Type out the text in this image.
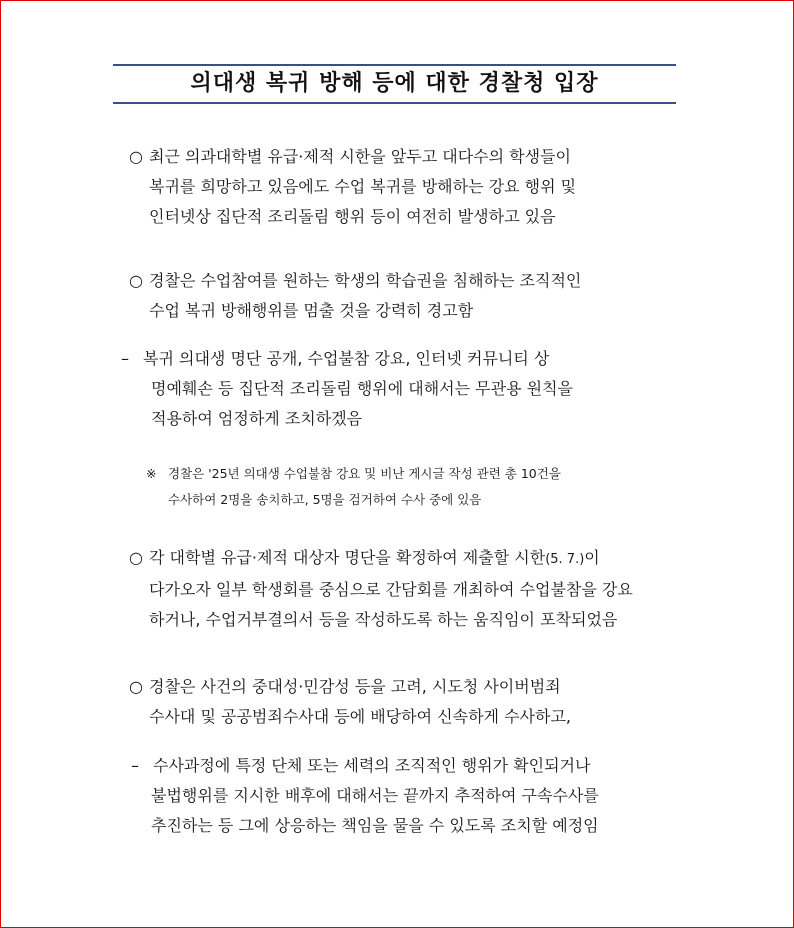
의대생 복귀 방해 등에 대한 경찰청 입장
○ 최근 의과대학별 유급·제적 시한을 앞두고 대다수의 학생들이
복귀를 희망하고 있음에도 수업 복귀를 방해하는 강요 행위 및
인터넷상 집단적 조리돌림 행위 등이 여전히 발생하고 있음
○ 경찰은 수업참여를 원하는 학생의 학습권을 침해하는 조직적인
수업 복귀 방해행위를 멈출 것을 강력히 경고함
– 복귀 의대생 명단 공개, 수업불참 강요, 인터넷 커뮤니티 상
명예훼손 등 집단적 조리돌림 행위에 대해서는 무관용 원칙을
적용하여 엄정하게 조치하겠음
※ 경찰은 '25년 의대생 수업불참 강요 및 비난 게시글 작성 관련 총 10건을
수사하여 2명을 송치하고, 5명을 검거하여 수사 중에 있음
○ 각 대학별 유급·제적 대상자 명단을 확정하여 제출할 시한(5. 7.)이
다가오자 일부 학생회를 중심으로 간담회를 개최하여 수업불참을 강요
하거나, 수업거부결의서 등을 작성하도록 하는 움직임이 포착되었음
○ 경찰은 사건의 중대성·민감성 등을 고려, 시도청 사이버범죄
수사대 및 공공범죄수사대 등에 배당하여 신속하게 수사하고,
– 수사과정에 특정 단체 또는 세력의 조직적인 행위가 확인되거나
불법행위를 지시한 배후에 대해서는 끝까지 추적하여 구속수사를
추진하는 등 그에 상응하는 책임을 물을 수 있도록 조치할 예정임
